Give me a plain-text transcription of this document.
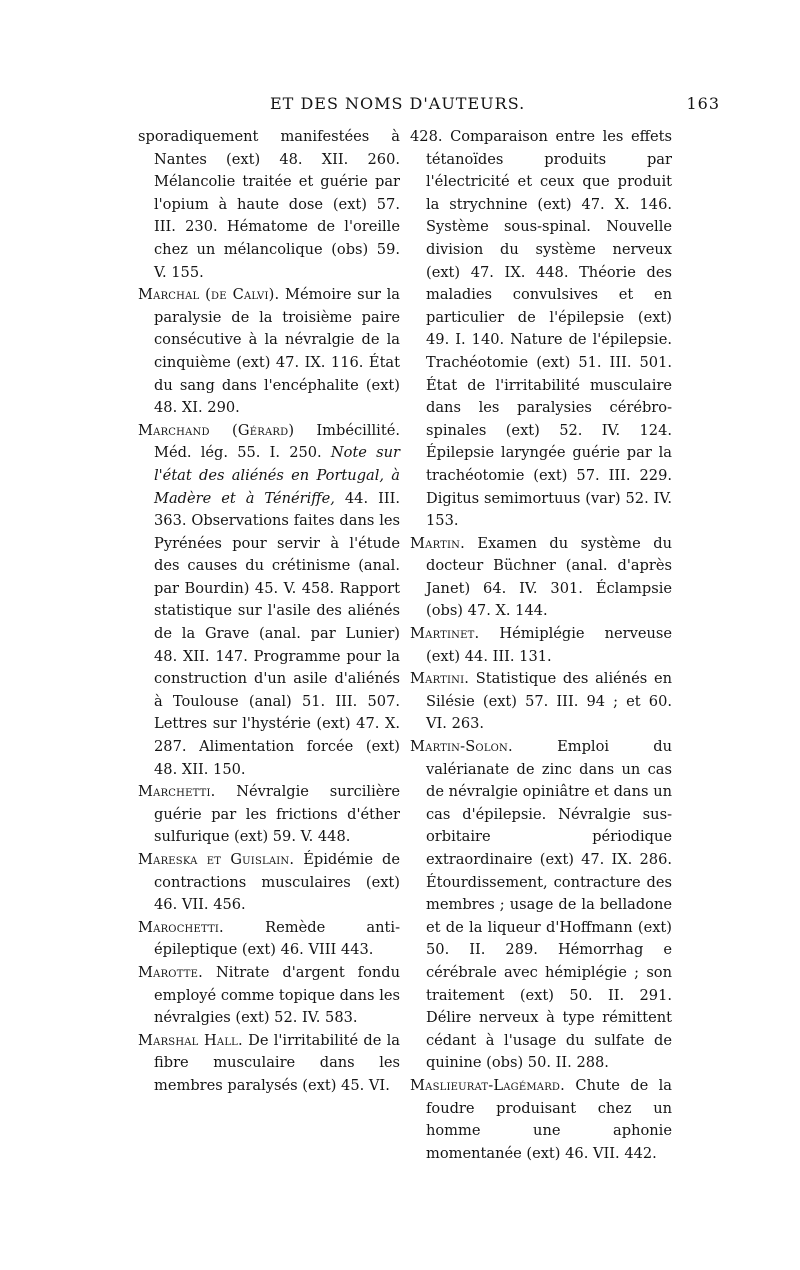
ET DES NOMS D'AUTEURS.	163

sporadiquement manifestées à Nantes (ext) 48. XII. 260. Mélancolie traitée et guérie par l'opium à haute dose (ext) 57. III. 230. Hématome de l'oreille chez un mélancolique (obs) 59. V. 155.

Marchal (de Calvi). Mémoire sur la paralysie de la troisième paire consécutive à la névralgie de la cinquième (ext) 47. IX. 116. État du sang dans l'encéphalite (ext) 48. XI. 290.

Marchand (Gérard) Imbécillité. Méd. lég. 55. I. 250. Note sur l'état des aliénés en Portugal, à Madère et à Ténériffe, 44. III. 363. Observations faites dans les Pyrénées pour servir à l'étude des causes du crétinisme (anal. par Bourdin) 45. V. 458. Rapport statistique sur l'asile des aliénés de la Grave (anal. par Lunier) 48. XII. 147. Programme pour la construction d'un asile d'aliénés à Toulouse (anal) 51. III. 507. Lettres sur l'hystérie (ext) 47. X. 287. Alimentation forcée (ext) 48. XII. 150.

Marchetti. Névralgie surcilière guérie par les frictions d'éther sulfurique (ext) 59. V. 448.

Mareska et Guislain. Épidémie de contractions musculaires (ext) 46. VII. 456.

Marochetti.	Remède anti-épileptique (ext) 46. VIII 443.

Marotte. Nitrate d'argent fondu employé comme topique dans les névralgies (ext) 52. IV. 583.

Marshal Hall. De l'irritabilité de la fibre musculaire dans les membres paralysés (ext) 45. VI.

428. Comparaison entre les effets tétanoïdes produits par l'électricité et ceux que produit la strychnine (ext) 47. X. 146. Système sous-spinal. Nouvelle division du système nerveux (ext) 47. IX. 448. Théorie des maladies convulsives et en particulier de l'épilepsie (ext) 49. I. 140. Nature de l'épilepsie. Trachéotomie (ext) 51. III. 501. État de l'irritabilité musculaire dans les paralysies cérébro-spinales (ext) 52. IV. 124. Épilepsie laryngée guérie par la trachéotomie (ext) 57. III. 229. Digitus semimortuus (var) 52. IV. 153.

Martin. Examen du système du docteur Büchner (anal. d'après Janet) 64. IV. 301. Éclampsie (obs) 47. X. 144.

Martinet. Hémiplégie nerveuse (ext) 44. III. 131.

Martini. Statistique des aliénés en Silésie (ext) 57. III. 94 ; et 60. VI. 263.

Martin-Solon.	Emploi du valérianate de zinc dans un cas de névralgie opiniâtre et dans un cas d'épilepsie. Névralgie sus-orbitaire périodique extraordinaire (ext) 47. IX. 286. Étourdissement, contracture des membres ; usage de la belladone et de la liqueur d'Hoffmann (ext) 50. II. 289. Hémorrhag e cérébrale avec hémiplégie ; son traitement (ext) 50. II. 291. Délire nerveux à type rémittent cédant à l'usage du sulfate de quinine (obs) 50. II. 288.

Maslieurat-Lagémard. Chute de la foudre produisant chez un homme une aphonie momentanée (ext) 46. VII. 442.
